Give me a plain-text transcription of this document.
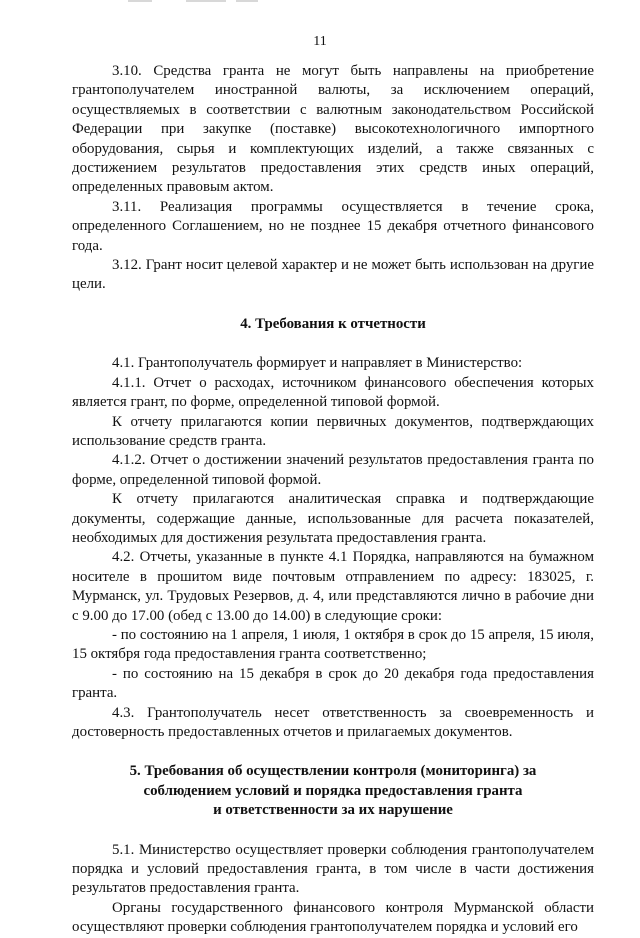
11

3.10. Средства гранта не могут быть направлены на приобретение грантополучателем иностранной валюты, за исключением операций, осуществляемых в соответствии с валютным законодательством Российской Федерации при закупке (поставке) высокотехнологичного импортного оборудования, сырья и комплектующих изделий, а также связанных с достижением результатов предоставления этих средств иных операций, определенных правовым актом.

3.11. Реализация программы осуществляется в течение срока, определенного Соглашением, но не позднее 15 декабря отчетного финансового года.

3.12. Грант носит целевой характер и не может быть использован на другие цели.

4. Требования к отчетности

4.1. Грантополучатель формирует и направляет в Министерство:

4.1.1. Отчет о расходах, источником финансового обеспечения которых является грант, по форме, определенной типовой формой.

К отчету прилагаются копии первичных документов, подтверждающих использование средств гранта.

4.1.2. Отчет о достижении значений результатов предоставления гранта по форме, определенной типовой формой.

К отчету прилагаются аналитическая справка и подтверждающие документы, содержащие данные, использованные для расчета показателей, необходимых для достижения результата предоставления гранта.

4.2. Отчеты, указанные в пункте 4.1 Порядка, направляются на бумажном носителе в прошитом виде почтовым отправлением по адресу: 183025, г. Мурманск, ул. Трудовых Резервов, д. 4, или представляются лично в рабочие дни с 9.00 до 17.00 (обед с 13.00 до 14.00) в следующие сроки:

- по состоянию на 1 апреля, 1 июля, 1 октября в срок до 15 апреля, 15 июля, 15 октября года предоставления гранта соответственно;

- по состоянию на 15 декабря в срок до 20 декабря года предоставления гранта.

4.3. Грантополучатель несет ответственность за своевременность и достоверность предоставленных отчетов и прилагаемых документов.

5. Требования об осуществлении контроля (мониторинга) за
соблюдением условий и порядка предоставления гранта
и ответственности за их нарушение

5.1. Министерство осуществляет проверки соблюдения грантополучателем порядка и условий предоставления гранта, в том числе в части достижения результатов предоставления гранта.

Органы государственного финансового контроля Мурманской области осуществляют проверки соблюдения грантополучателем порядка и условий его
